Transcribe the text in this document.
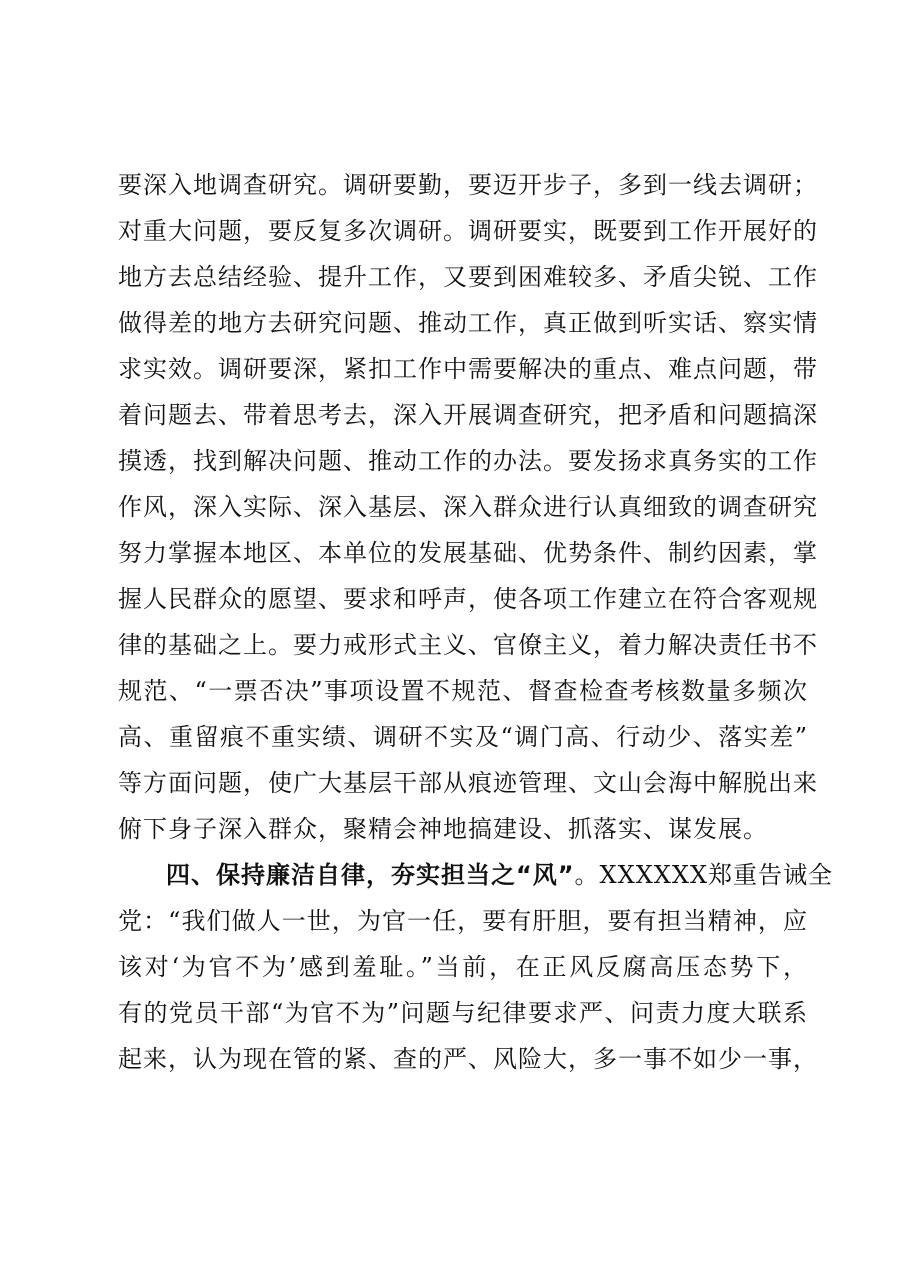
要深入地调查研究。调研要勤，要迈开步子，多到一线去调研；
对重大问题，要反复多次调研。调研要实，既要到工作开展好的
地方去总结经验、提升工作，又要到困难较多、矛盾尖锐、工作
做得差的地方去研究问题、推动工作，真正做到听实话、察实情
求实效。调研要深，紧扣工作中需要解决的重点、难点问题，带
着问题去、带着思考去，深入开展调查研究，把矛盾和问题搞深
摸透，找到解决问题、推动工作的办法。要发扬求真务实的工作
作风，深入实际、深入基层、深入群众进行认真细致的调查研究
努力掌握本地区、本单位的发展基础、优势条件、制约因素，掌
握人民群众的愿望、要求和呼声，使各项工作建立在符合客观规
律的基础之上。要力戒形式主义、官僚主义，着力解决责任书不
规范、“一票否决”事项设置不规范、督查检查考核数量多频次
高、重留痕不重实绩、调研不实及“调门高、行动少、落实差”
等方面问题，使广大基层干部从痕迹管理、文山会海中解脱出来
俯下身子深入群众，聚精会神地搞建设、抓落实、谋发展。
四、保持廉洁自律，夯实担当之“风”。XXXXXX郑重告诫全
党：“我们做人一世，为官一任，要有肝胆，要有担当精神，应
该对‘为官不为’感到羞耻。”当前，在正风反腐高压态势下，
有的党员干部“为官不为”问题与纪律要求严、问责力度大联系
起来，认为现在管的紧、查的严、风险大，多一事不如少一事，
